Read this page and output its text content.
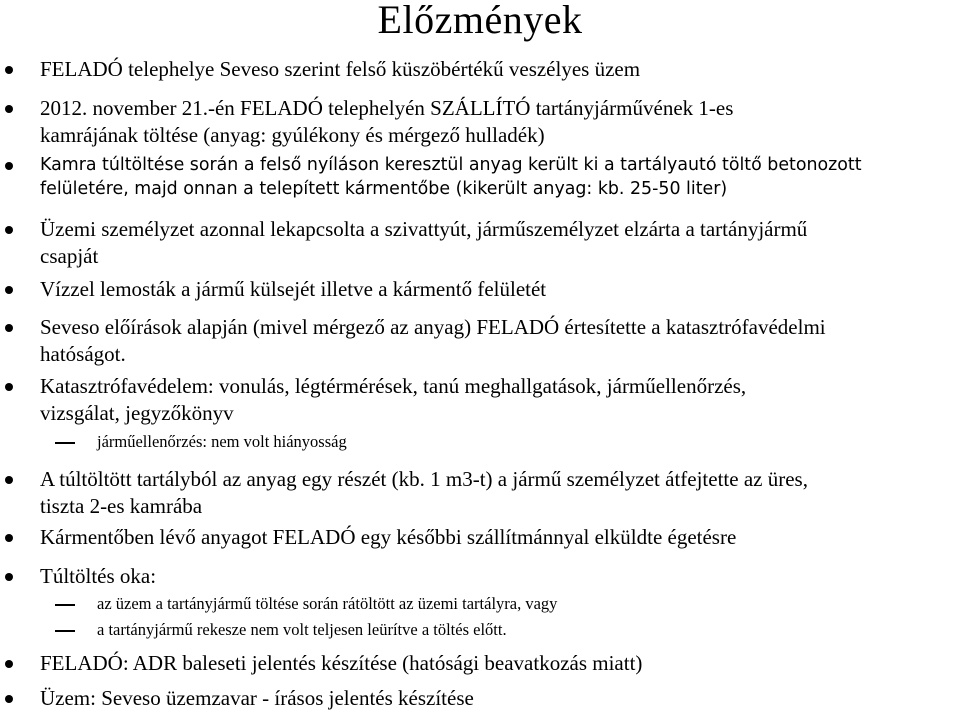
Előzmények
FELADÓ telephelye Seveso szerint felső küszöbértékű veszélyes üzem
2012. november 21.-én FELADÓ telephelyén SZÁLLÍTÓ tartányjárművének 1-es
kamrájának töltése (anyag: gyúlékony és mérgező hulladék)
Kamra túltöltése során a felső nyíláson keresztül anyag került ki a tartályautó töltő betonozott
felületére, majd onnan a telepített kármentőbe (kikerült anyag: kb. 25-50 liter)
Üzemi személyzet azonnal lekapcsolta a szivattyút, járműszemélyzet elzárta a tartányjármű
csapját
Vízzel lemosták a jármű külsejét illetve a kármentő felületét
Seveso előírások alapján (mivel mérgező az anyag) FELADÓ értesítette a katasztrófavédelmi
hatóságot.
Katasztrófavédelem: vonulás, légtérmérések, tanú meghallgatások, járműellenőrzés,
vizsgálat, jegyzőkönyv
járműellenőrzés: nem volt hiányosság
A túltöltött tartályból az anyag egy részét (kb. 1 m3-t) a jármű személyzet átfejtette az üres,
tiszta 2-es kamrába
Kármentőben lévő anyagot FELADÓ egy későbbi szállítmánnyal elküldte égetésre
Túltöltés oka:
az üzem a tartányjármű töltése során rátöltött az üzemi tartályra, vagy
a tartányjármű rekesze nem volt teljesen leürítve a töltés előtt.
FELADÓ: ADR baleseti jelentés készítése (hatósági beavatkozás miatt)
Üzem: Seveso üzemzavar - írásos jelentés készítése
